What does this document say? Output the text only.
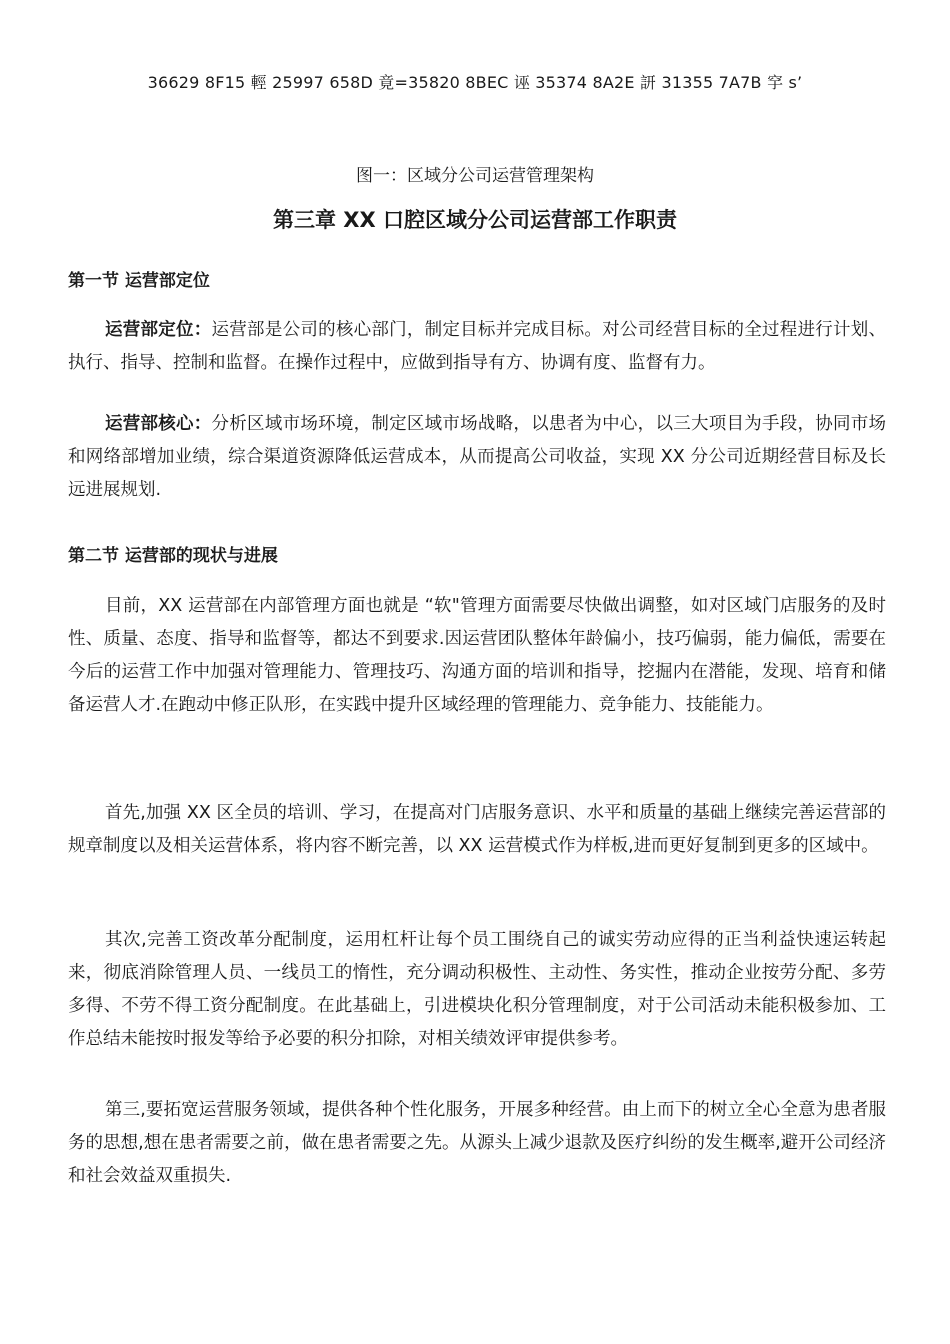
36629 8F15 輕 25997 658D 竟=35820 8BEC 诬 35374 8A2E 訮 31355 7A7B 穻 s’
图一：区域分公司运营管理架构
第三章 XX 口腔区域分公司运营部工作职责
第一节 运营部定位
运营部定位：运营部是公司的核心部门，制定目标并完成目标。对公司经营目标的全过程进行计划、执行、指导、控制和监督。在操作过程中，应做到指导有方、协调有度、监督有力。
运营部核心：分析区域市场环境，制定区域市场战略，以患者为中心，以三大项目为手段，协同市场和网络部增加业绩，综合渠道资源降低运营成本，从而提高公司收益，实现 XX 分公司近期经营目标及长远进展规划.
第二节 运营部的现状与进展
目前，XX 运营部在内部管理方面也就是 “软"管理方面需要尽快做出调整，如对区域门店服务的及时性、质量、态度、指导和监督等，都达不到要求.因运营团队整体年龄偏小，技巧偏弱，能力偏低，需要在今后的运营工作中加强对管理能力、管理技巧、沟通方面的培训和指导，挖掘内在潜能，发现、培育和储备运营人才.在跑动中修正队形，在实践中提升区域经理的管理能力、竞争能力、技能能力。
首先,加强 XX 区全员的培训、学习，在提高对门店服务意识、水平和质量的基础上继续完善运营部的规章制度以及相关运营体系，将内容不断完善，以 XX 运营模式作为样板,进而更好复制到更多的区域中。
其次,完善工资改革分配制度，运用杠杆让每个员工围绕自己的诚实劳动应得的正当利益快速运转起来，彻底消除管理人员、一线员工的惰性，充分调动积极性、主动性、务实性，推动企业按劳分配、多劳多得、不劳不得工资分配制度。在此基础上，引进模块化积分管理制度，对于公司活动未能积极参加、工作总结未能按时报发等给予必要的积分扣除，对相关绩效评审提供参考。
第三,要拓宽运营服务领域，提供各种个性化服务，开展多种经营。由上而下的树立全心全意为患者服务的思想,想在患者需要之前，做在患者需要之先。从源头上减少退款及医疗纠纷的发生概率,避开公司经济和社会效益双重损失.
